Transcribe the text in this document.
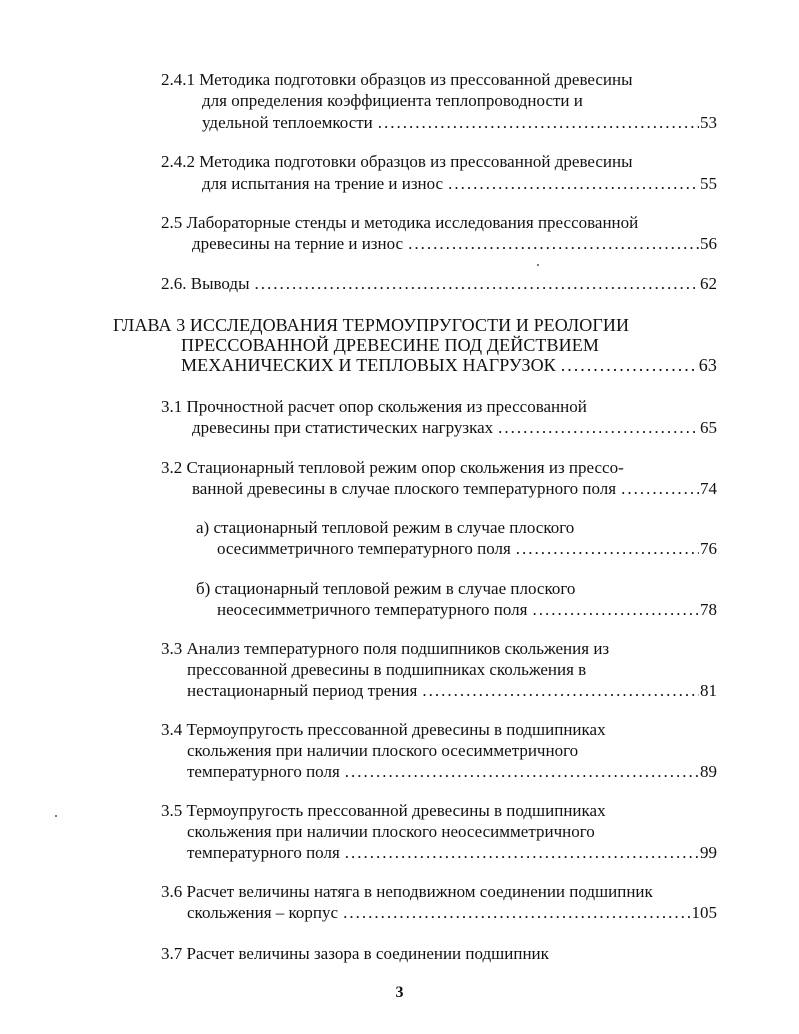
2.4.1 Методика подготовки образцов из прессованной древесины
для определения коэффициента теплопроводности и
удельной теплоемкости .....	53
2.4.2 Методика подготовки образцов из прессованной древесины
для испытания на трение и износ .....	55
2.5 Лабораторные стенды и методика исследования прессованной
древесины на терние и износ .....	56
2.6. Выводы .....	62
ГЛАВА 3 ИССЛЕДОВАНИЯ ТЕРМОУПРУГОСТИ И РЕОЛОГИИ
ПРЕССОВАННОЙ ДРЕВЕСИНЕ ПОД ДЕЙСТВИЕМ
МЕХАНИЧЕСКИХ И ТЕПЛОВЫХ НАГРУЗОК .....	63
3.1 Прочностной расчет опор скольжения из прессованной
древесины при статистических нагрузках .....	65
3.2 Стационарный тепловой режим опор скольжения из прессо-
ванной древесины в случае плоского температурного поля .....	74
а) стационарный тепловой режим в случае плоского
осесимметричного температурного поля .....	76
б) стационарный тепловой режим в случае плоского
неосесимметричного температурного поля .....	78
3.3 Анализ температурного поля подшипников скольжения из
прессованной древесины в подшипниках скольжения в
нестационарный период трения .....	81
3.4 Термоупругость прессованной древесины в подшипниках
скольжения при наличии плоского осесимметричного
температурного поля .....	89
3.5 Термоупругость прессованной древесины в подшипниках
скольжения при наличии плоского неосесимметричного
температурного поля .....	99
3.6 Расчет величины натяга в неподвижном соединении подшипник
скольжения – корпус .....	105
3.7 Расчет величины зазора в соединении подшипник
3
